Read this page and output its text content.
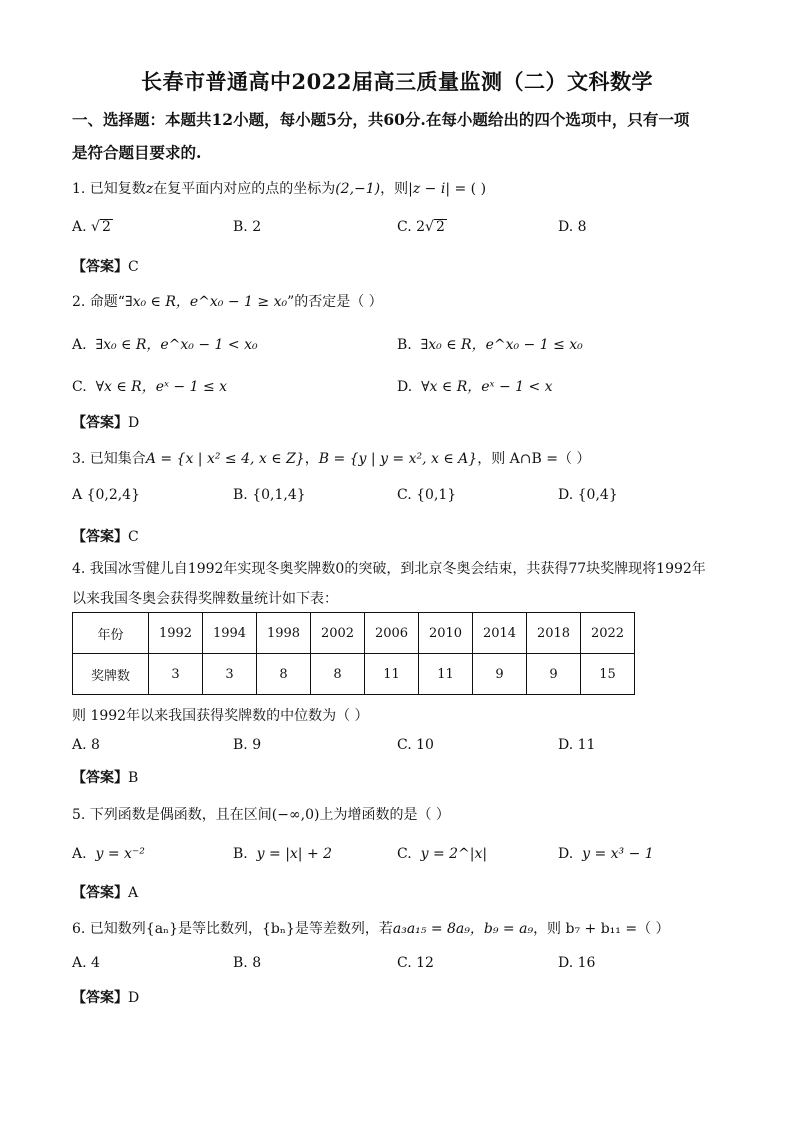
长春市普通高中2022届高三质量监测（二）文科数学
一、选择题：本题共12小题，每小题5分，共60分.在每小题给出的四个选项中，只有一项
是符合题目要求的.
1. 已知复数z在复平面内对应的点的坐标为(2,−1)，则|z − i| = ( )
A. √ 2	B. 2	C. 2√ 2	D. 8
【答案】C
2. 命题“∃x₀ ∈ R，e^x₀ − 1 ≥ x₀”的否定是（ ）
A. ∃x₀ ∈ R，e^x₀ − 1 < x₀	B. ∃x₀ ∈ R，e^x₀ − 1 ≤ x₀
C. ∀x ∈ R，eˣ − 1 ≤ x	D. ∀x ∈ R，eˣ − 1 < x
【答案】D
3. 已知集合A = {x | x² ≤ 4, x ∈ Z}，B = {y | y = x², x ∈ A}，则 A∩B =（ ）
A {0,2,4}	B. {0,1,4}	C. {0,1}	D. {0,4}
【答案】C
4. 我国冰雪健儿自1992年实现冬奥奖牌数0的突破，到北京冬奥会结束，共获得77块奖牌现将1992年
以来我国冬奥会获得奖牌数量统计如下表：
年份	1992	1994	1998	2002	2006	2010	2014	2018	2022
奖牌数	3	3	8	8	11	11	9	9	15
则 1992年以来我国获得奖牌数的中位数为（ ）
A. 8	B. 9	C. 10	D. 11
【答案】B
5. 下列函数是偶函数，且在区间(−∞,0)上为增函数的是（ ）
A. y = x⁻²	B. y = |x| + 2	C. y = 2^|x|	D. y = x³ − 1
【答案】A
6. 已知数列{aₙ}是等比数列，{bₙ}是等差数列，若a₃a₁₅ = 8a₉，b₉ = a₉，则 b₇ + b₁₁ =（ ）
A. 4	B. 8	C. 12	D. 16
【答案】D
